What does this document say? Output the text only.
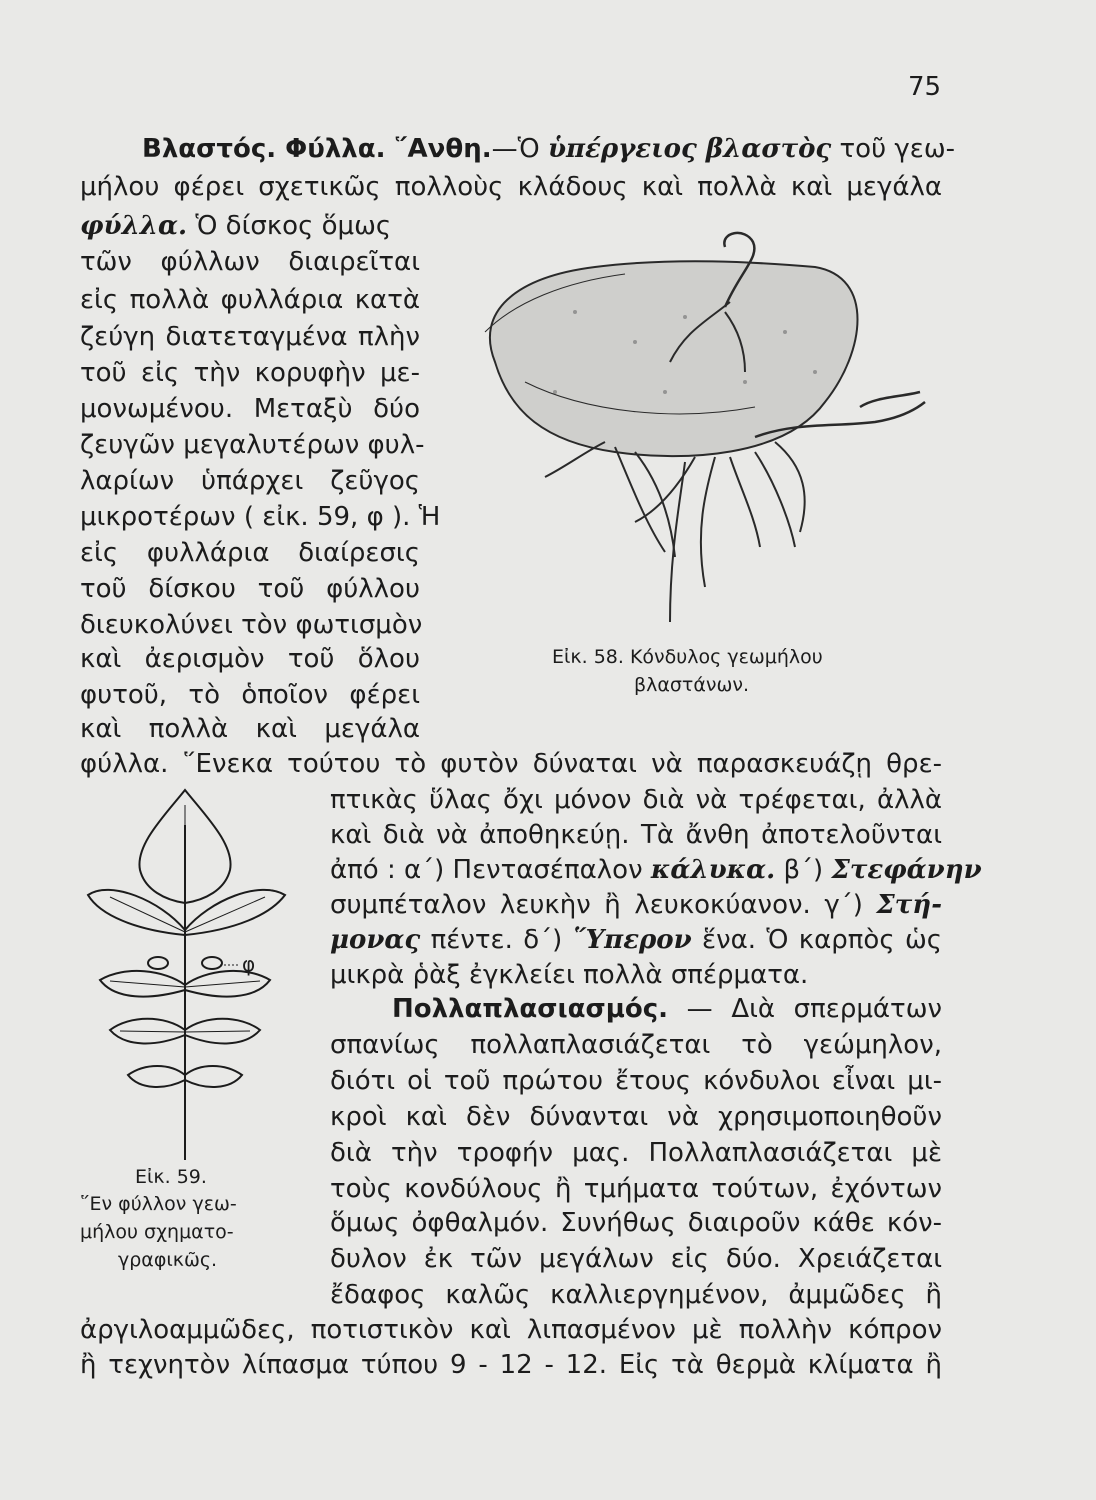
75
Βλαστός. Φύλλα. ῞Ανθη.—Ὁ ὑπέργειος βλαστὸς τοῦ γεω-
μήλου φέρει σχετικῶς πολλοὺς κλάδους καὶ πολλὰ καὶ μεγάλα
φύλλα. Ὁ δίσκος ὅμως
τῶν φύλλων διαιρεῖται
εἰς πολλὰ φυλλάρια κατὰ
ζεύγη διατεταγμένα πλὴν
τοῦ εἰς τὴν κορυφὴν με-
μονωμένου. Μεταξὺ δύο
ζευγῶν μεγαλυτέρων φυλ-
λαρίων ὑπάρχει ζεῦγος
μικροτέρων ( εἰκ. 59, φ ). Ἡ
εἰς φυλλάρια διαίρεσις
τοῦ δίσκου τοῦ φύλλου
διευκολύνει τὸν φωτισμὸν
καὶ ἀερισμὸν τοῦ ὅλου
φυτοῦ, τὸ ὁποῖον φέρει
καὶ πολλὰ καὶ μεγάλα
φύλλα. ῞Ενεκα τούτου τὸ φυτὸν δύναται νὰ παρασκευάζῃ θρε-
πτικὰς ὕλας ὄχι μόνον διὰ νὰ τρέφεται, ἀλλὰ
καὶ διὰ νὰ ἀποθηκεύῃ. Τὰ ἄνθη ἀποτελοῦνται
ἀπό : α΄) Πεντασέπαλον κάλυκα. β΄) Στεφάνην
συμπέταλον λευκὴν ἢ λευκοκύανον. γ΄) Στή-
μονας πέντε. δ΄) ῞Υπερον ἕνα. Ὁ καρπὸς ὡς
μικρὰ ῥὰξ ἐγκλείει πολλὰ σπέρματα.
Πολλαπλασιασμός. — Διὰ σπερμάτων
σπανίως πολλαπλασιάζεται τὸ γεώμηλον,
διότι οἱ τοῦ πρώτου ἔτους κόνδυλοι εἶναι μι-
κροὶ καὶ δὲν δύνανται νὰ χρησιμοποιηθοῦν
διὰ τὴν τροφήν μας. Πολλαπλασιάζεται μὲ
τοὺς κονδύλους ἢ τμήματα τούτων, ἐχόντων
ὅμως ὀφθαλμόν. Συνήθως διαιροῦν κάθε κόν-
δυλον ἐκ τῶν μεγάλων εἰς δύο. Χρειάζεται
ἔδαφος καλῶς καλλιεργημένον, ἀμμῶδες ἢ
ἀργιλοαμμῶδες, ποτιστικὸν καὶ λιπασμένον μὲ πολλὴν κόπρον
ἢ τεχνητὸν λίπασμα τύπου 9 - 12 - 12. Εἰς τὰ θερμὰ κλίματα ἢ
Εἰκ. 58. Κόνδυλος γεωμήλου
βλαστάνων.
φ
Εἰκ. 59.
῞Εν φύλλον γεω-
μήλου σχηματο-
γραφικῶς.
